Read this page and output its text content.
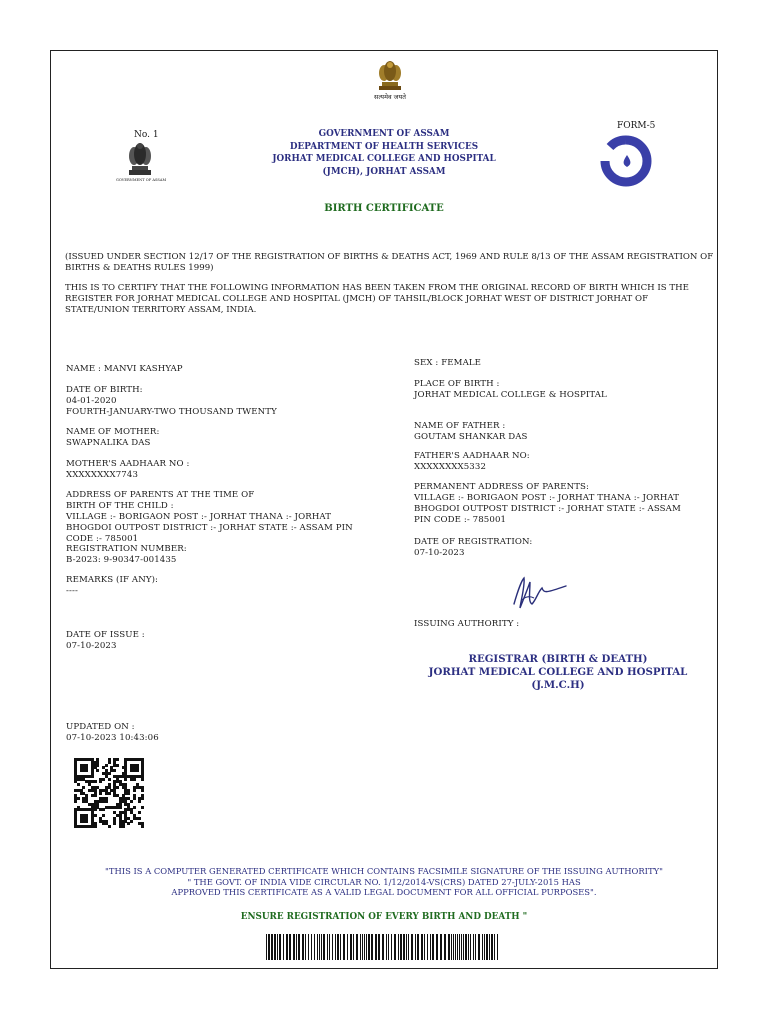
सत्यमेव जयते
No. 1
GOVERNMENT OF ASSAM
GOVERNMENT OF ASSAM
DEPARTMENT OF HEALTH SERVICES
JORHAT MEDICAL COLLEGE AND HOSPITAL
(JMCH), JORHAT ASSAM
FORM-5
BIRTH CERTIFICATE
(ISSUED UNDER SECTION 12/17 OF THE REGISTRATION OF BIRTHS & DEATHS ACT, 1969 AND RULE 8/13 OF THE ASSAM REGISTRATION OF BIRTHS & DEATHS RULES 1999)
THIS IS TO CERTIFY THAT THE FOLLOWING INFORMATION HAS BEEN TAKEN FROM THE ORIGINAL RECORD OF BIRTH WHICH IS THE REGISTER FOR JORHAT MEDICAL COLLEGE AND HOSPITAL (JMCH) OF TAHSIL/BLOCK JORHAT WEST OF DISTRICT JORHAT OF STATE/UNION TERRITORY ASSAM, INDIA.
NAME : MANVI KASHYAP
DATE OF BIRTH:
04-01-2020
FOURTH-JANUARY-TWO THOUSAND TWENTY
NAME OF MOTHER:
SWAPNALIKA DAS
MOTHER'S AADHAAR NO :
XXXXXXXX7743
ADDRESS OF PARENTS AT THE TIME OF
BIRTH OF THE CHILD :
VILLAGE :- BORIGAON POST :- JORHAT THANA :- JORHAT BHOGDOI OUTPOST DISTRICT :- JORHAT STATE :- ASSAM PIN CODE :- 785001
REGISTRATION NUMBER:
B-2023: 9-90347-001435
REMARKS (IF ANY):
----
DATE OF ISSUE :
07-10-2023
UPDATED ON :
07-10-2023 10:43:06
SEX : FEMALE
PLACE OF BIRTH :
JORHAT MEDICAL COLLEGE & HOSPITAL
NAME OF FATHER :
GOUTAM SHANKAR DAS
FATHER'S AADHAAR NO:
XXXXXXXX5332
PERMANENT ADDRESS OF PARENTS:
VILLAGE :- BORIGAON POST :- JORHAT THANA :- JORHAT BHOGDOI OUTPOST DISTRICT :- JORHAT STATE :- ASSAM PIN CODE :- 785001
DATE OF REGISTRATION:
07-10-2023
ISSUING AUTHORITY :
REGISTRAR (BIRTH & DEATH)
JORHAT MEDICAL COLLEGE AND HOSPITAL
(J.M.C.H)
"THIS IS A COMPUTER GENERATED CERTIFICATE WHICH CONTAINS FACSIMILE SIGNATURE OF THE ISSUING AUTHORITY"
" THE GOVT. OF INDIA VIDE CIRCULAR NO. 1/12/2014-VS(CRS) DATED 27-JULY-2015 HAS
APPROVED THIS CERTIFICATE AS A VALID LEGAL DOCUMENT FOR ALL OFFICIAL PURPOSES".
ENSURE REGISTRATION OF EVERY BIRTH AND DEATH "
